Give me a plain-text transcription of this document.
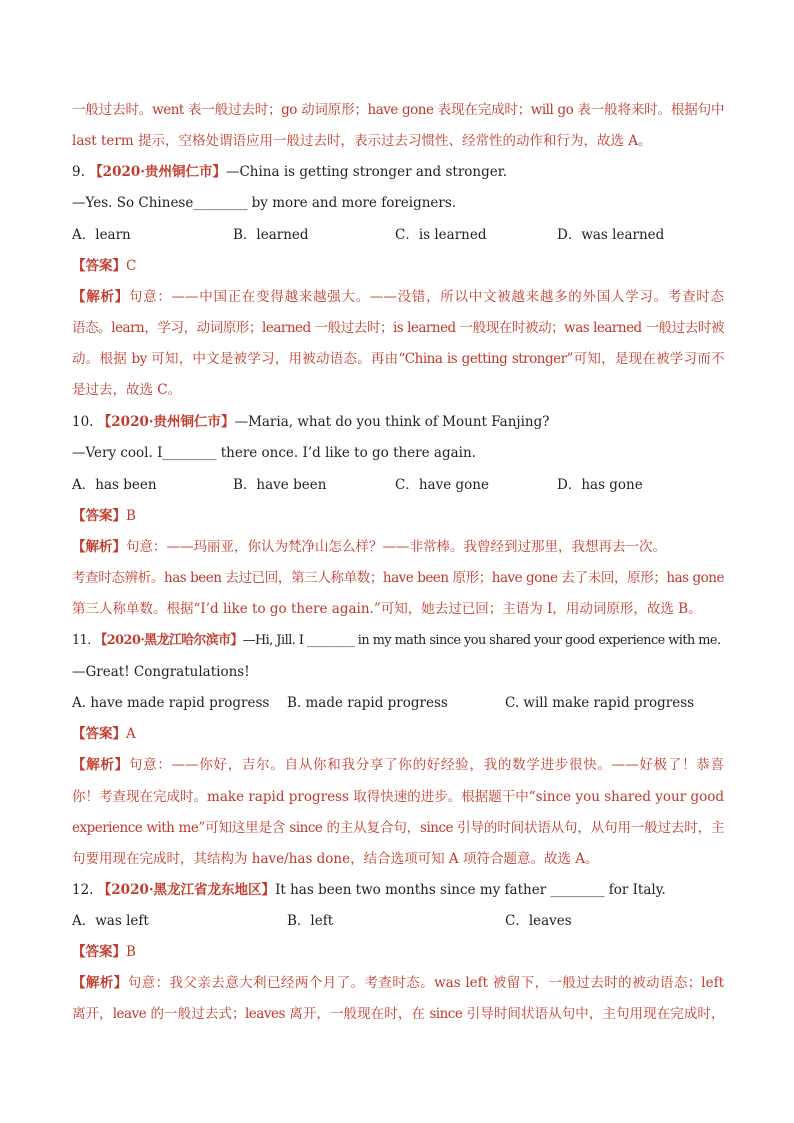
一般过去时。went 表一般过去时；go 动词原形；have gone 表现在完成时；will go 表一般将来时。根据句中
last term 提示，空格处谓语应用一般过去时，表示过去习惯性、经常性的动作和行为，故选 A。
9. 【2020·贵州铜仁市】—China is getting stronger and stronger.
—Yes. So Chinese________ by more and more foreigners.
A．learn	B．learned	C．is learned	D．was learned
【答案】C
【解析】句意：——中国正在变得越来越强大。——没错，所以中文被越来越多的外国人学习。考查时态
语态。learn，学习，动词原形；learned 一般过去时；is learned 一般现在时被动；was learned 一般过去时被
动。根据 by 可知，中文是被学习，用被动语态。再由“China is getting stronger”可知，是现在被学习而不
是过去，故选 C。
10. 【2020·贵州铜仁市】—Maria, what do you think of Mount Fanjing?
—Very cool. I________ there once. I’d like to go there again.
A．has been	B．have been	C．have gone	D．has gone
【答案】B
【解析】句意：——玛丽亚，你认为梵净山怎么样？——非常棒。我曾经到过那里，我想再去一次。
考查时态辨析。has been 去过已回，第三人称单数；have been 原形；have gone 去了未回，原形；has gone
第三人称单数。根据“I’d like to go there again.”可知，她去过已回；主语为 I，用动词原形，故选 B。
11. 【2020·黑龙江哈尔滨市】—Hi, Jill. I ________ in my math since you shared your good experience with me.
—Great! Congratulations!
A. have made rapid progress B. made rapid progress	C. will make rapid progress
【答案】A
【解析】句意：——你好，吉尔。自从你和我分享了你的好经验，我的数学进步很快。——好极了！恭喜
你！考查现在完成时。make rapid progress 取得快速的进步。根据题干中“since you shared your good
experience with me”可知这里是含 since 的主从复合句，since 引导的时间状语从句，从句用一般过去时，主
句要用现在完成时，其结构为 have/has done，结合选项可知 A 项符合题意。故选 A。
12. 【2020·黑龙江省龙东地区】It has been two months since my father ________ for Italy.
A．was left	B．left	C．leaves
【答案】B
【解析】句意：我父亲去意大利已经两个月了。考查时态。was left 被留下，一般过去时的被动语态；left
离开，leave 的一般过去式；leaves 离开，一般现在时，在 since 引导时间状语从句中，主句用现在完成时，
